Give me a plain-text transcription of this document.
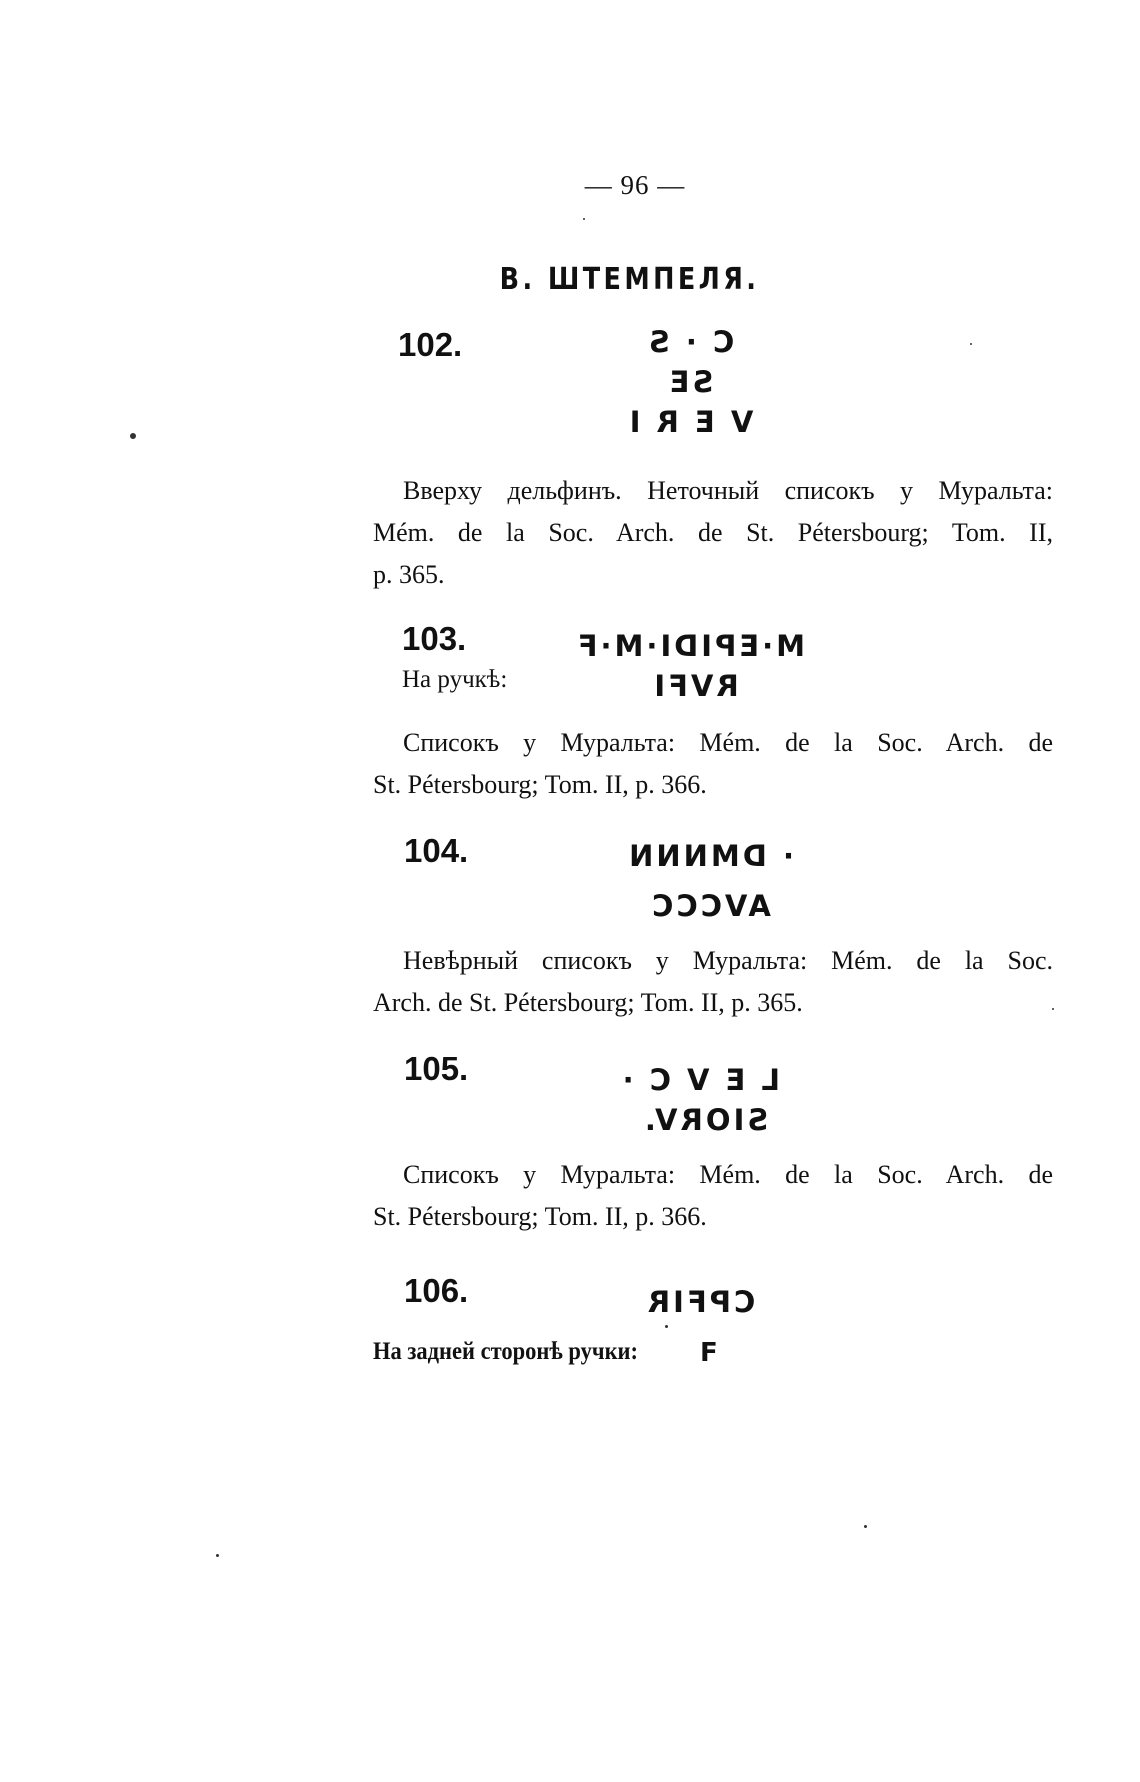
— 96 —
В. ШТЕМПЕЛЯ.
102.	C · S
SE
V E R I
Вверху дельфинъ. Неточный списокъ у Муральта:
Mém. de la Soc. Arch. de St. Pétersbourg; Tom. II,
p. 365.
103.
На ручкѣ:
M·EPIDI·M·F
RVFI
Списокъ у Муральта: Mém. de la Soc. Arch. de
St. Pétersbourg; Tom. II, p. 366.
104.	· DMNNN
AVCCC
Невѣрный списокъ у Муральта: Mém. de la Soc.
Arch. de St. Pétersbourg; Tom. II, p. 365.
105.	L E V C ·
SIORV.
Списокъ у Муральта: Mém. de la Soc. Arch. de
St. Pétersbourg; Tom. II, p. 366.
106.	CPFIR
На задней сторонѣ ручки: F
